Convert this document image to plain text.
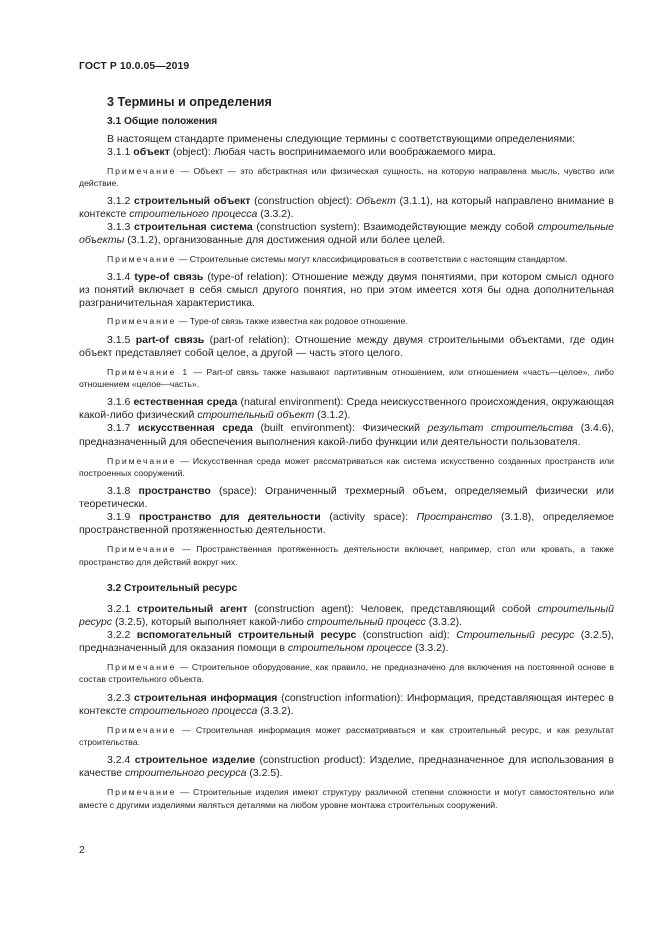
ГОСТ Р 10.0.05—2019
3 Термины и определения
3.1 Общие положения

В настоящем стандарте применены следующие термины с соответствующими определениями:

3.1.1 объект (object): Любая часть воспринимаемого или воображаемого мира.

Примечание — Объект — это абстрактная или физическая сущность, на которую направлена мысль, чувство или действие.

3.1.2 строительный объект (construction object): Объект (3.1.1), на который направлено внимание в контексте строительного процесса (3.3.2).

3.1.3 строительная система (construction system): Взаимодействующие между собой строительные объекты (3.1.2), организованные для достижения одной или более целей.

Примечание — Строительные системы могут классифицироваться в соответствии с настоящим стандартом.

3.1.4 type-of связь (type-of relation): Отношение между двумя понятиями, при котором смысл одного из понятий включает в себя смысл другого понятия, но при этом имеется хотя бы одна дополнительная разграничительная характеристика.

Примечание — Type-of связь также известна как родовое отношение.

3.1.5 part-of связь (part-of relation): Отношение между двумя строительными объектами, где один объект представляет собой целое, а другой — часть этого целого.

Примечание 1 — Part-of связь также называют партитивным отношением, или отношением «часть—целое», либо отношением «целое—часть».

3.1.6 естественная среда (natural environment): Среда неискусственного происхождения, окружающая какой-либо физический строительный объект (3.1.2).

3.1.7 искусственная среда (built environment): Физический результат строительства (3.4.6), предназначенный для обеспечения выполнения какой-либо функции или деятельности пользователя.

Примечание — Искусственная среда может рассматриваться как система искусственно созданных пространств или построенных сооружений.

3.1.8 пространство (space): Ограниченный трехмерный объем, определяемый физически или теоретически.

3.1.9 пространство для деятельности (activity space): Пространство (3.1.8), определяемое пространственной протяженностью деятельности.

Примечание — Пространственная протяженность деятельности включает, например, стол или кровать, а также пространство для действий вокруг них.
3.2 Строительный ресурс

3.2.1 строительный агент (construction agent): Человек, представляющий собой строительный ресурс (3.2.5), который выполняет какой-либо строительный процесс (3.3.2).

3.2.2 вспомогательный строительный ресурс (construction aid): Строительный ресурс (3.2.5), предназначенный для оказания помощи в строительном процессе (3.3.2).

Примечание — Строительное оборудование, как правило, не предназначено для включения на постоянной основе в состав строительного объекта.

3.2.3 строительная информация (construction information): Информация, представляющая интерес в контексте строительного процесса (3.3.2).

Примечание — Строительная информация может рассматриваться и как строительный ресурс, и как результат строительства.

3.2.4 строительное изделие (construction product): Изделие, предназначенное для использования в качестве строительного ресурса (3.2.5).

Примечание — Строительные изделия имеют структуру различной степени сложности и могут самостоятельно или вместе с другими изделиями являться деталями на любом уровне монтажа строительных сооружений.
2
